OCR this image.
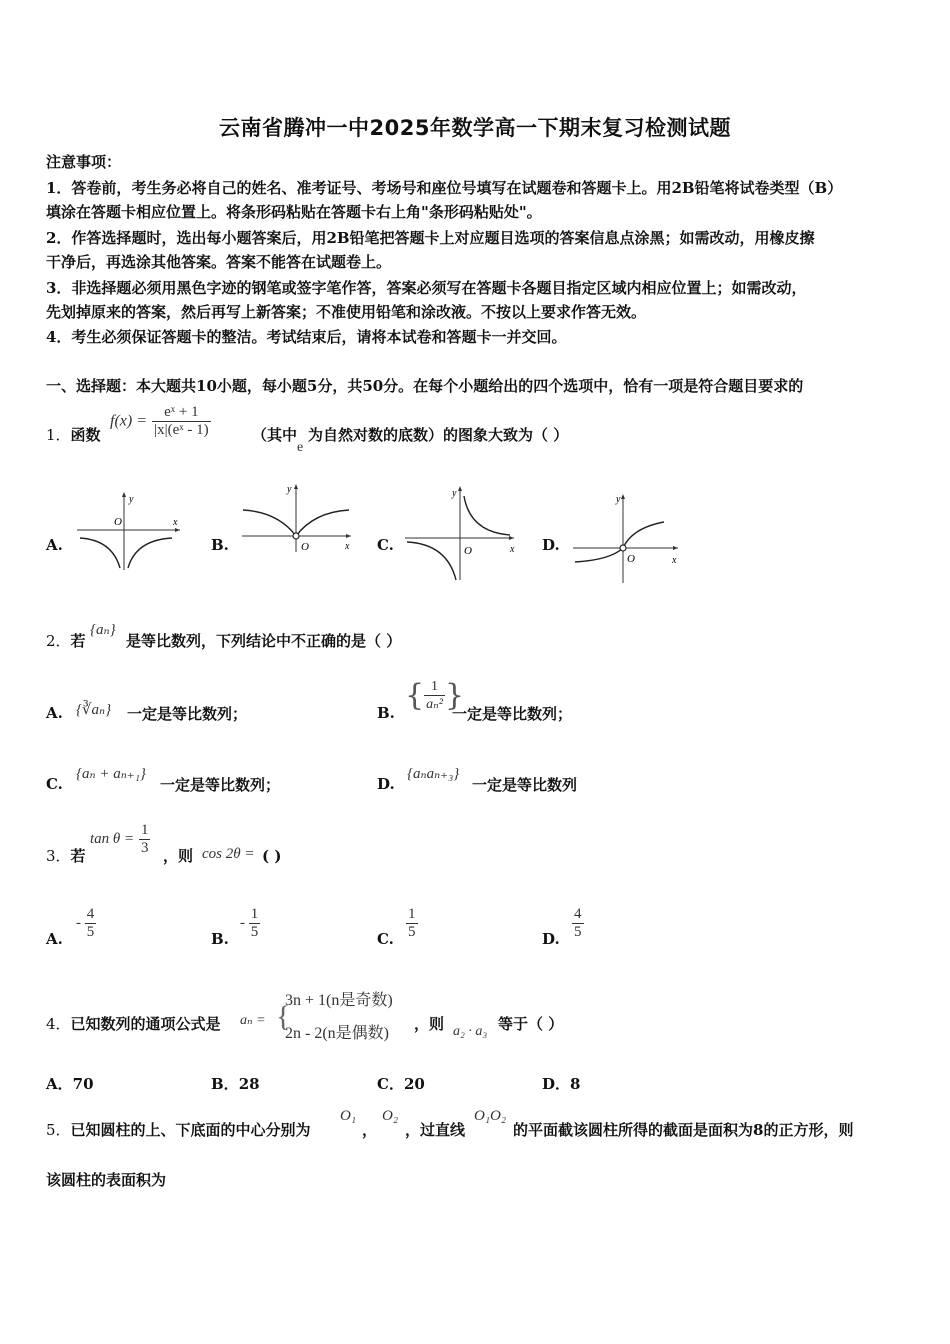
云南省腾冲一中2025年数学高一下期末复习检测试题
注意事项：
1．答卷前，考生务必将自己的姓名、准考证号、考场号和座位号填写在试题卷和答题卡上。用2B铅笔将试卷类型（B）
填涂在答题卡相应位置上。将条形码粘贴在答题卡右上角"条形码粘贴处"。
2．作答选择题时，选出每小题答案后，用2B铅笔把答题卡上对应题目选项的答案信息点涂黑；如需改动，用橡皮擦
干净后，再选涂其他答案。答案不能答在试题卷上。
3．非选择题必须用黑色字迹的钢笔或签字笔作答，答案必须写在答题卡各题目指定区域内相应位置上；如需改动，
先划掉原来的答案，然后再写上新答案；不准使用铅笔和涂改液。不按以上要求作答无效。
4．考生必须保证答题卡的整洁。考试结束后，请将本试卷和答题卡一并交回。
一、选择题：本大题共10小题，每小题5分，共50分。在每个小题给出的四个选项中，恰有一项是符合题目要求的
1．函数
$f(x) = \frac{\text{eˣ + 1}}{\text{|x|(eˣ - 1)}}$	（其中
e
为自然对数的底数）的图象大致为（ ）
A.	B.	C.	D.
y
x
O
y
x
O
y
x
O
y
x
O
2．若
{aₙ}
是等比数列，下列结论中不正确的是（ ）
A. {∛aₙ} 一定是等比数列；	B. { $\frac{1}{\text{aₙ²}}$ }
一定是等比数列；
C.
{aₙ + aₙ₊₁}
一定是等比数列；	D.
{aₙaₙ₊₃}
一定是等比数列
3．若
$\tan \theta = \frac{1}{3}$ ，则 cos 2θ = ( )
A.
- $\frac{4}{5}$	B.
- $\frac{1}{5}$	C. $\frac{1}{5}$	D. $\frac{4}{5}$
4．已知数列的通项公式是 aₙ = {
3n + 1(n是奇数)
2n - 2(n是偶数)
，则 a₂ · a₃ 等于（ ）
A．70	B．28	C．20	D．8
5．已知圆柱的上、下底面的中心分别为
O₁
，
O₂
，过直线
O₁O₂
的平面截该圆柱所得的截面是面积为8的正方形，则
该圆柱的表面积为
